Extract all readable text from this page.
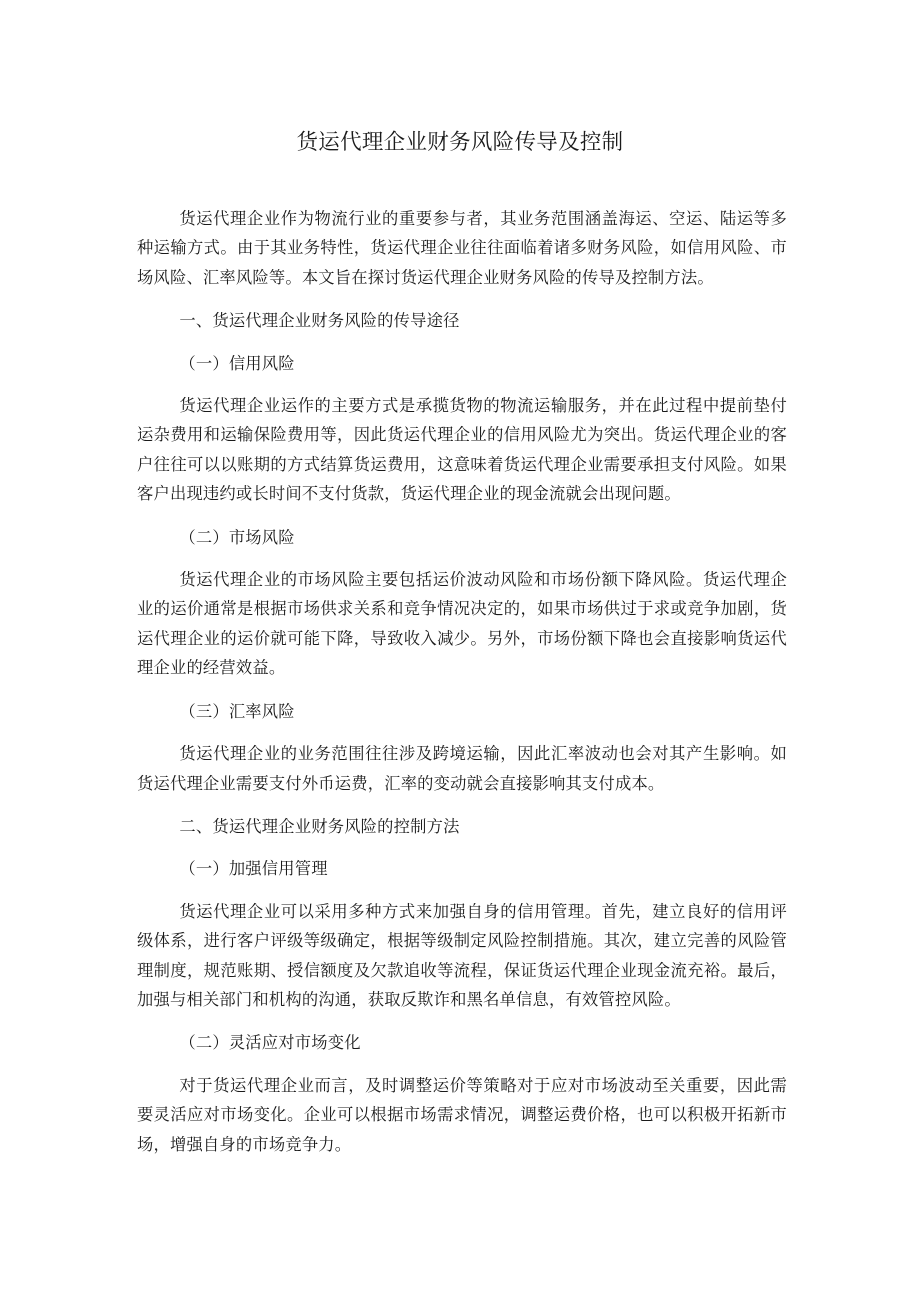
货运代理企业财务风险传导及控制

货运代理企业作为物流行业的重要参与者，其业务范围涵盖海运、空运、陆运等多种运输方式。由于其业务特性，货运代理企业往往面临着诸多财务风险，如信用风险、市场风险、汇率风险等。本文旨在探讨货运代理企业财务风险的传导及控制方法。

一、货运代理企业财务风险的传导途径

（一）信用风险

货运代理企业运作的主要方式是承揽货物的物流运输服务，并在此过程中提前垫付运杂费用和运输保险费用等，因此货运代理企业的信用风险尤为突出。货运代理企业的客户往往可以以账期的方式结算货运费用，这意味着货运代理企业需要承担支付风险。如果客户出现违约或长时间不支付货款，货运代理企业的现金流就会出现问题。

（二）市场风险

货运代理企业的市场风险主要包括运价波动风险和市场份额下降风险。货运代理企业的运价通常是根据市场供求关系和竞争情况决定的，如果市场供过于求或竞争加剧，货运代理企业的运价就可能下降，导致收入减少。另外，市场份额下降也会直接影响货运代理企业的经营效益。

（三）汇率风险

货运代理企业的业务范围往往涉及跨境运输，因此汇率波动也会对其产生影响。如货运代理企业需要支付外币运费，汇率的变动就会直接影响其支付成本。

二、货运代理企业财务风险的控制方法

（一）加强信用管理

货运代理企业可以采用多种方式来加强自身的信用管理。首先，建立良好的信用评级体系，进行客户评级等级确定，根据等级制定风险控制措施。其次，建立完善的风险管理制度，规范账期、授信额度及欠款追收等流程，保证货运代理企业现金流充裕。最后，加强与相关部门和机构的沟通，获取反欺诈和黑名单信息，有效管控风险。

（二）灵活应对市场变化

对于货运代理企业而言，及时调整运价等策略对于应对市场波动至关重要，因此需要灵活应对市场变化。企业可以根据市场需求情况，调整运费价格，也可以积极开拓新市场，增强自身的市场竞争力。
